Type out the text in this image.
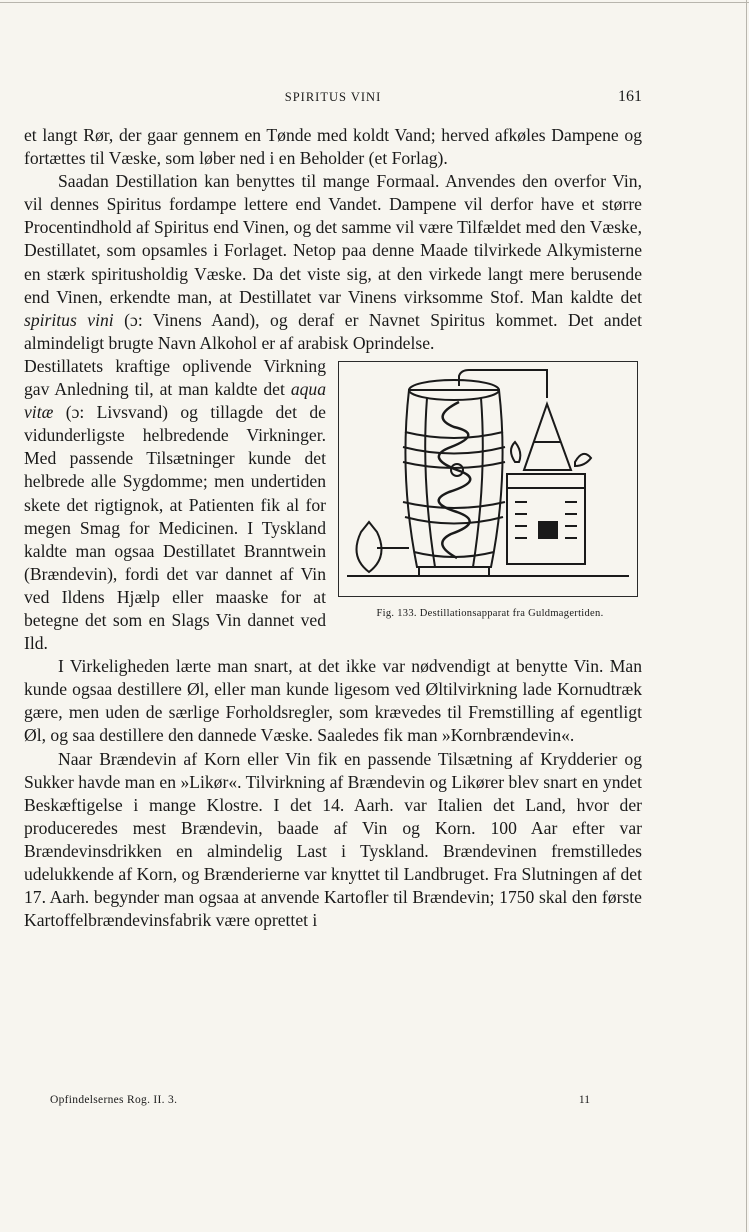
SPIRITUS VINI	161

et langt Rør, der gaar gennem en Tønde med koldt Vand; herved afkøles Dampene og fortættes til Væske, som løber ned i en Beholder (et Forlag).

Saadan Destillation kan benyttes til mange Formaal. Anvendes den overfor Vin, vil dennes Spiritus fordampe lettere end Vandet. Dampene vil derfor have et større Procentindhold af Spiritus end Vinen, og det samme vil være Tilfældet med den Væske, Destillatet, som opsamles i Forlaget. Netop paa denne Maade tilvirkede Alkymisterne en stærk spiritusholdig Væske. Da det viste sig, at den virkede langt mere berusende end Vinen, erkendte man, at Destillatet var Vinens virksomme Stof. Man kaldte det spiritus vini (ɔ: Vinens Aand), og deraf er Navnet Spiritus kommet. Det andet almindeligt brugte Navn Alkohol er af arabisk Oprindelse.

Fig. 133. Destillationsapparat fra Guldmagertiden.

Destillatets kraftige oplivende Virkning gav Anledning til, at man kaldte det aqua vitæ (ɔ: Livsvand) og tillagde det de vidunderligste helbredende Virkninger. Med passende Tilsætninger kunde det helbrede alle Sygdomme; men undertiden skete det rigtignok, at Patienten fik al for megen Smag for Medicinen. I Tyskland kaldte man ogsaa Destillatet Branntwein (Brændevin), fordi det var dannet af Vin ved Ildens Hjælp eller maaske for at betegne det som en Slags Vin dannet ved Ild.

I Virkeligheden lærte man snart, at det ikke var nødvendigt at benytte Vin. Man kunde ogsaa destillere Øl, eller man kunde ligesom ved Øltilvirkning lade Kornudtræk gære, men uden de særlige Forholdsregler, som krævedes til Fremstilling af egentligt Øl, og saa destillere den dannede Væske. Saaledes fik man »Kornbrændevin«.

Naar Brændevin af Korn eller Vin fik en passende Tilsætning af Krydderier og Sukker havde man en »Likør«. Tilvirkning af Brændevin og Likører blev snart en yndet Beskæftigelse i mange Klostre. I det 14. Aarh. var Italien det Land, hvor der produceredes mest Brændevin, baade af Vin og Korn. 100 Aar efter var Brændevinsdrikken en almindelig Last i Tyskland. Brændevinen fremstilledes udelukkende af Korn, og Brænderierne var knyttet til Landbruget. Fra Slutningen af det 17. Aarh. begynder man ogsaa at anvende Kartofler til Brændevin; 1750 skal den første Kartoffelbrændevinsfabrik være oprettet i

Opfindelsernes Rog. II. 3.	11
